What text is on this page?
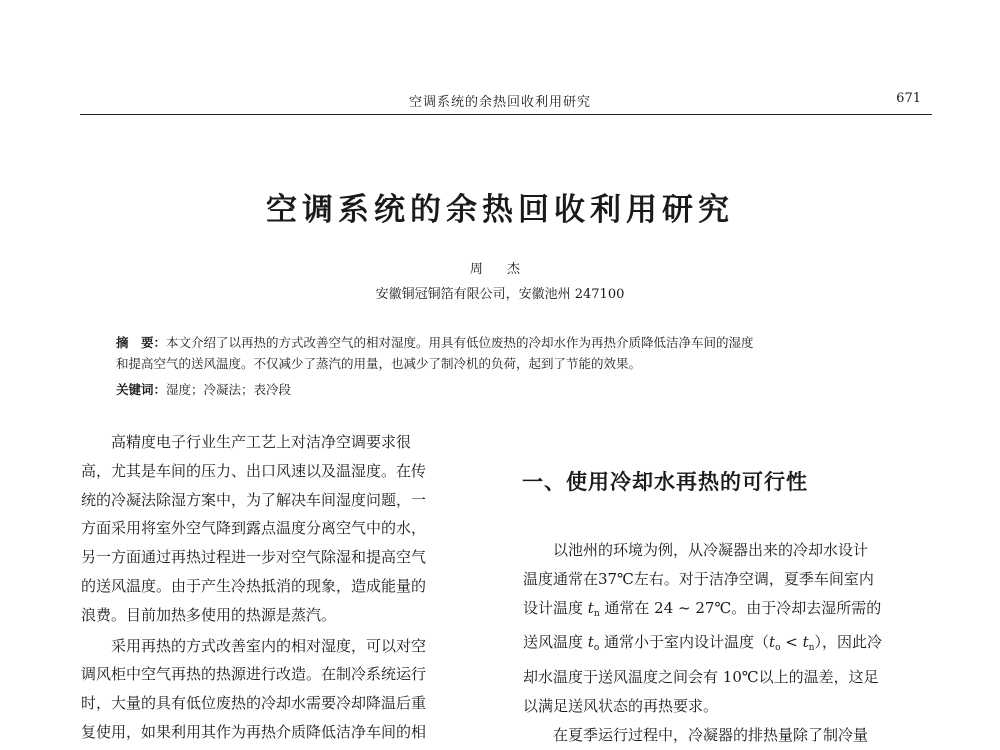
空调系统的余热回收利用研究	671
空调系统的余热回收利用研究
周 杰
安徽铜冠铜箔有限公司，安徽池州 247100

摘　要：本文介绍了以再热的方式改善空气的相对湿度。用具有低位废热的冷却水作为再热介质降低洁净车间的湿度

和提高空气的送风温度。不仅减少了蒸汽的用量，也减少了制冷机的负荷，起到了节能的效果。

关键词：湿度；冷凝法；表冷段

高精度电子行业生产工艺上对洁净空调要求很
高，尤其是车间的压力、出口风速以及温湿度。在传
统的冷凝法除湿方案中，为了解决车间湿度问题，一
方面采用将室外空气降到露点温度分离空气中的水，
另一方面通过再热过程进一步对空气除湿和提高空气
的送风温度。由于产生冷热抵消的现象，造成能量的
浪费。目前加热多使用的热源是蒸汽。

采用再热的方式改善室内的相对湿度，可以对空
调风柜中空气再热的热源进行改造。在制冷系统运行
时，大量的具有低位废热的冷却水需要冷却降温后重
复使用，如果利用其作为再热介质降低洁净车间的相

一、使用冷却水再热的可行性

以池州的环境为例，从冷凝器出来的冷却水设计
温度通常在37℃左右。对于洁净空调，夏季车间室内
设计温度 $t_n$ 通常在 24 ~ 27℃。由于冷却去湿所需的
送风温度 $t_o$ 通常小于室内设计温度$(t_o < t_n)$，因此冷
却水温度于送风温度之间会有 10℃以上的温差，这足
以满足送风状态的再热要求。

在夏季运行过程中，冷凝器的排热量除了制冷量
